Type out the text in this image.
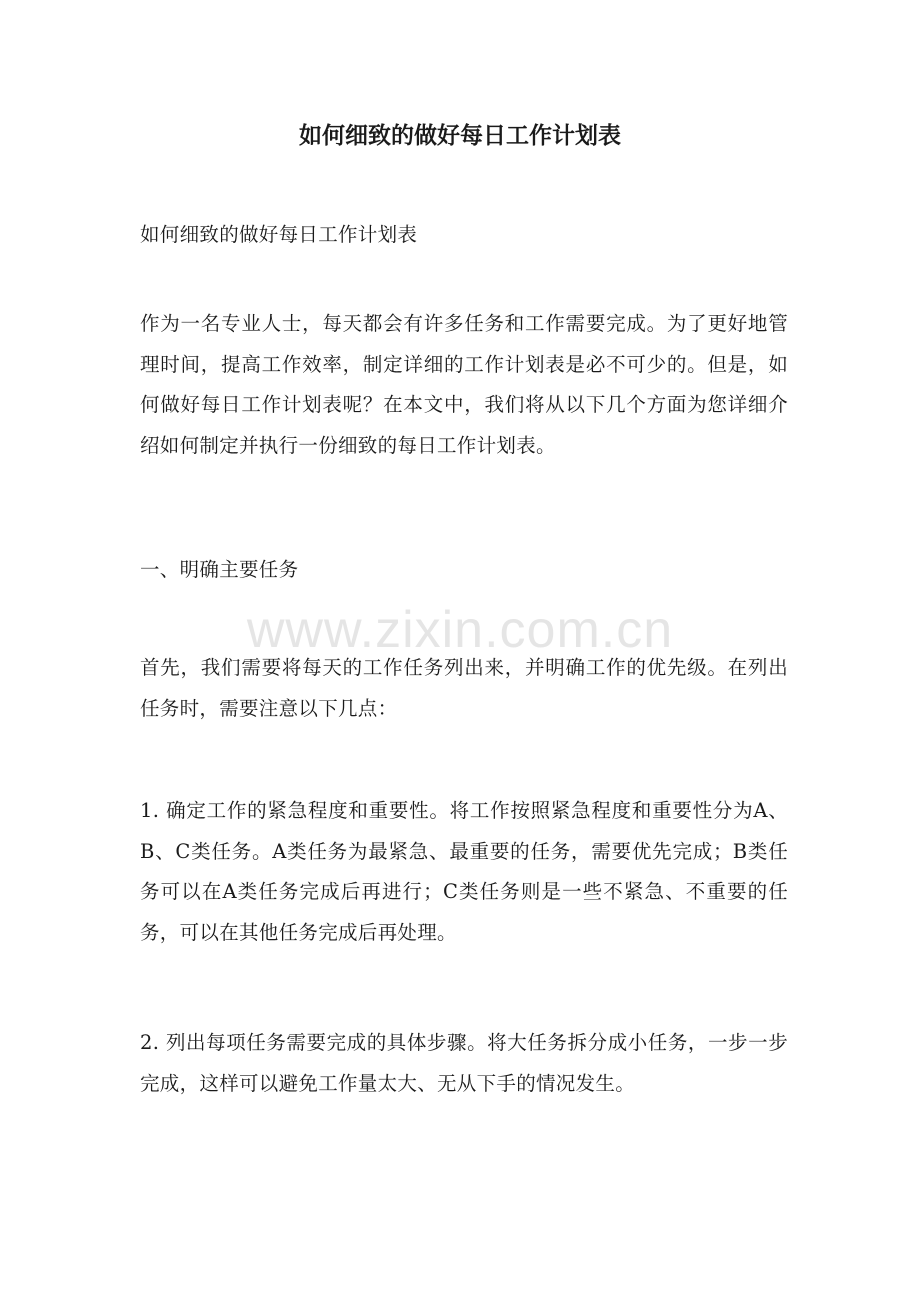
如何细致的做好每日工作计划表

如何细致的做好每日工作计划表

作为一名专业人士，每天都会有许多任务和工作需要完成。为了更好地管理时间，提高工作效率，制定详细的工作计划表是必不可少的。但是，如何做好每日工作计划表呢？在本文中，我们将从以下几个方面为您详细介绍如何制定并执行一份细致的每日工作计划表。

一、明确主要任务

首先，我们需要将每天的工作任务列出来，并明确工作的优先级。在列出任务时，需要注意以下几点：

1. 确定工作的紧急程度和重要性。将工作按照紧急程度和重要性分为A、B、C类任务。A类任务为最紧急、最重要的任务，需要优先完成；B类任务可以在A类任务完成后再进行；C类任务则是一些不紧急、不重要的任务，可以在其他任务完成后再处理。

2. 列出每项任务需要完成的具体步骤。将大任务拆分成小任务，一步一步完成，这样可以避免工作量太大、无从下手的情况发生。

www.zixin.com.cn
